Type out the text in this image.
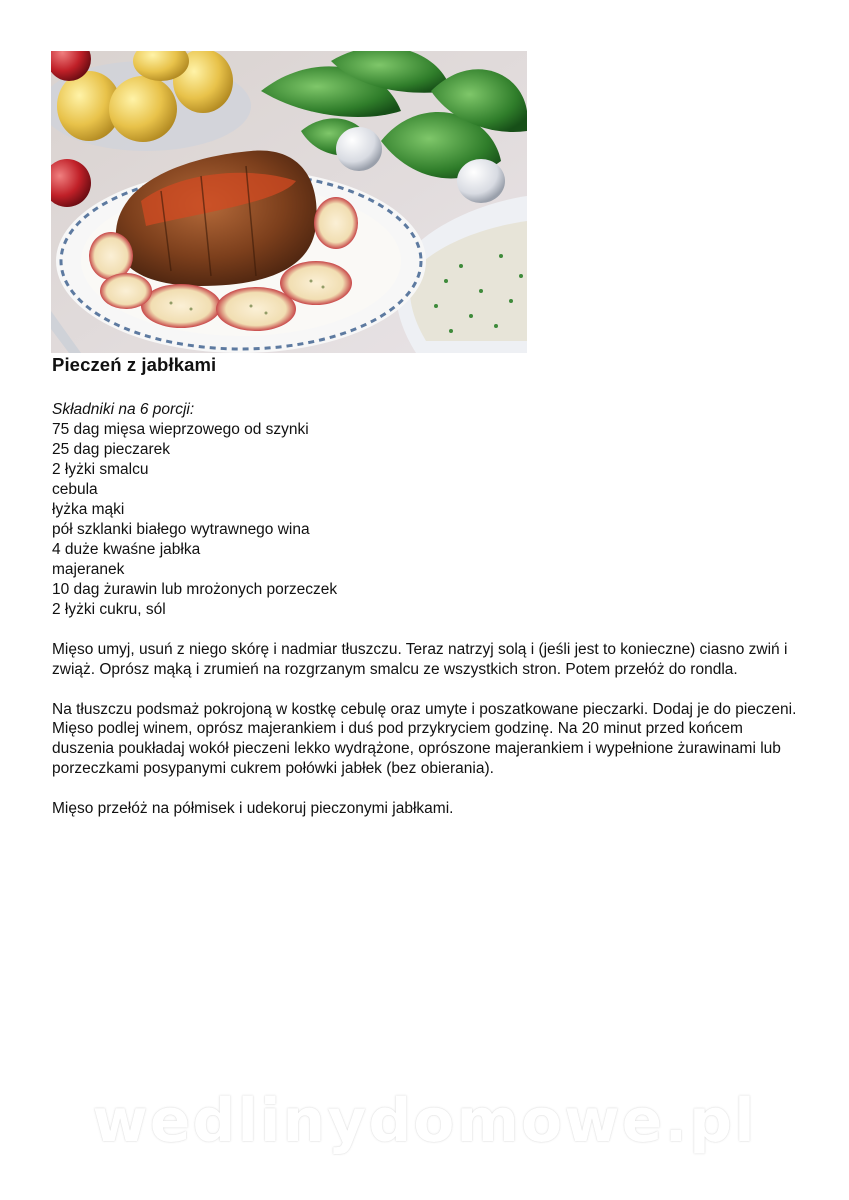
Pieczeń z jabłkami
Składniki na 6 porcji:
75 dag mięsa wieprzowego od szynki
25 dag pieczarek
2 łyżki smalcu
cebula
łyżka mąki
pół szklanki białego wytrawnego wina
4 duże kwaśne jabłka
majeranek
10 dag żurawin lub mrożonych porzeczek
2 łyżki cukru, sól

Mięso umyj, usuń z niego skórę i nadmiar tłuszczu. Teraz natrzyj solą i (jeśli jest to konieczne) ciasno zwiń i zwiąż. Oprósz mąką i zrumień na rozgrzanym smalcu ze wszystkich stron. Potem przełóż do rondla.

Na tłuszczu podsmaż pokrojoną w kostkę cebulę oraz umyte i poszatkowane pieczarki. Dodaj je do pieczeni. Mięso podlej winem, oprósz majerankiem i duś pod przykryciem godzinę. Na 20 minut przed końcem duszenia poukładaj wokół pieczeni lekko wydrążone, oprószone majerankiem i wypełnione żurawinami lub porzeczkami posypanymi cukrem połówki jabłek (bez obierania).

Mięso przełóż na półmisek i udekoruj pieczonymi jabłkami.

wedlinydomowe.pl
